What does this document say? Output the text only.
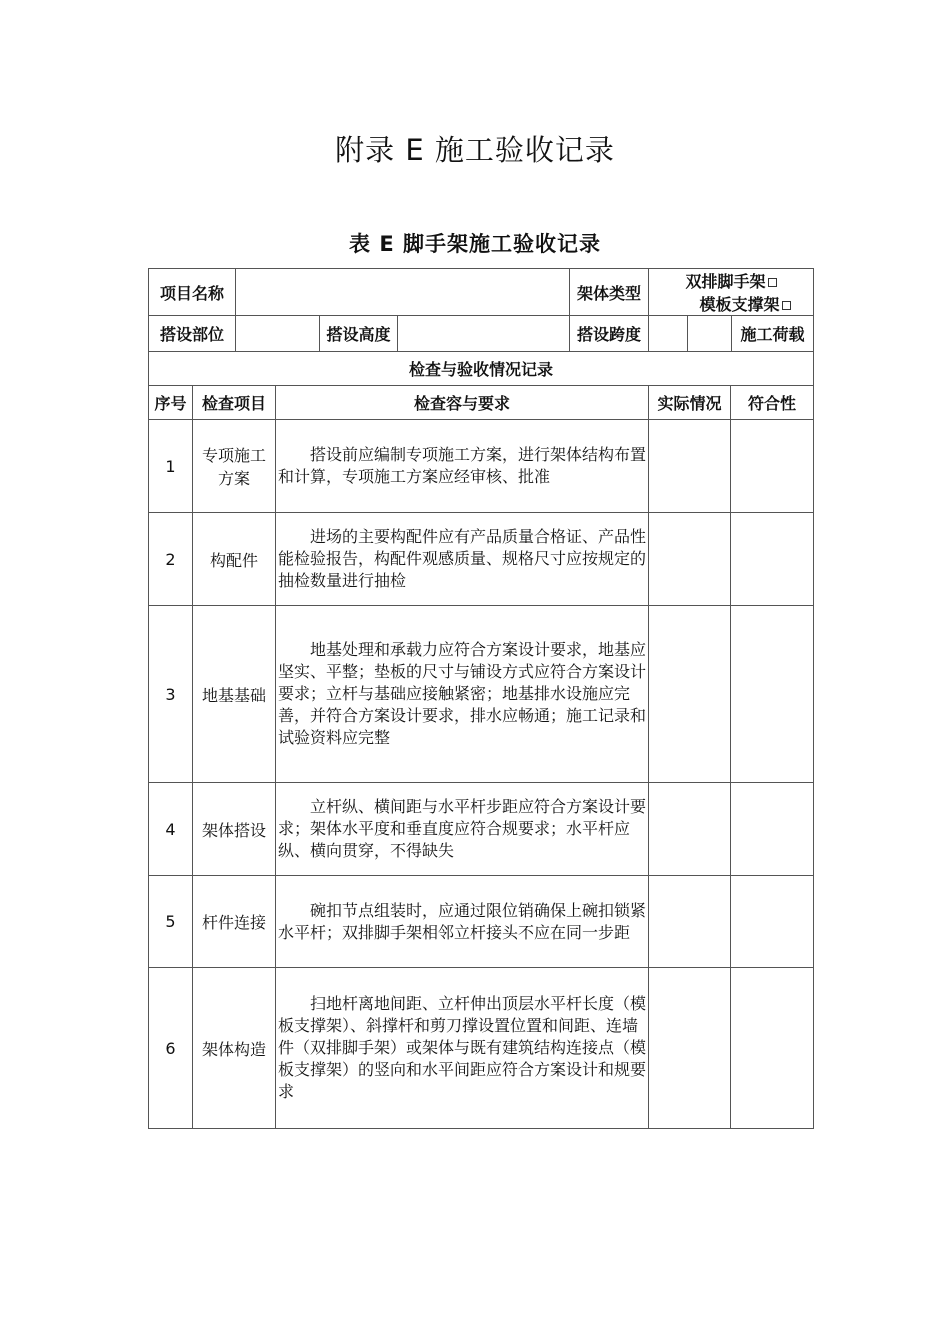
附录 E 施工验收记录
表 E 脚手架施工验收记录
项目名称						架体类型	双排脚手架模板支撑架		
搭设部位				搭设高度		搭设跨度		施工荷载	

检查与验收情况记录									
序号	检查项目		检查容与要求				实际情况		符合性
1	专项施工方案		搭设前应编制专项施工方案，进行架体结构布置和计算，专项施工方案应经审核、批准						
2	构配件		进场的主要构配件应有产品质量合格证、产品性能检验报告，构配件观感质量、规格尺寸应按规定的抽检数量进行抽检						
3	地基基础		地基处理和承载力应符合方案设计要求，地基应坚实、平整；垫板的尺寸与铺设方式应符合方案设计要求；立杆与基础应接触紧密；地基排水设施应完善，并符合方案设计要求，排水应畅通；施工记录和试验资料应完整						
4	架体搭设		立杆纵、横间距与水平杆步距应符合方案设计要求；架体水平度和垂直度应符合规要求；水平杆应纵、横向贯穿，不得缺失						
5	杆件连接		碗扣节点组装时，应通过限位销确保上碗扣锁紧水平杆；双排脚手架相邻立杆接头不应在同一步距						
6	架体构造		扫地杆离地间距、立杆伸出顶层水平杆长度（模板支撑架）、斜撑杆和剪刀撑设置位置和间距、连墙件（双排脚手架）或架体与既有建筑结构连接点（模板支撑架）的竖向和水平间距应符合方案设计和规要求						
